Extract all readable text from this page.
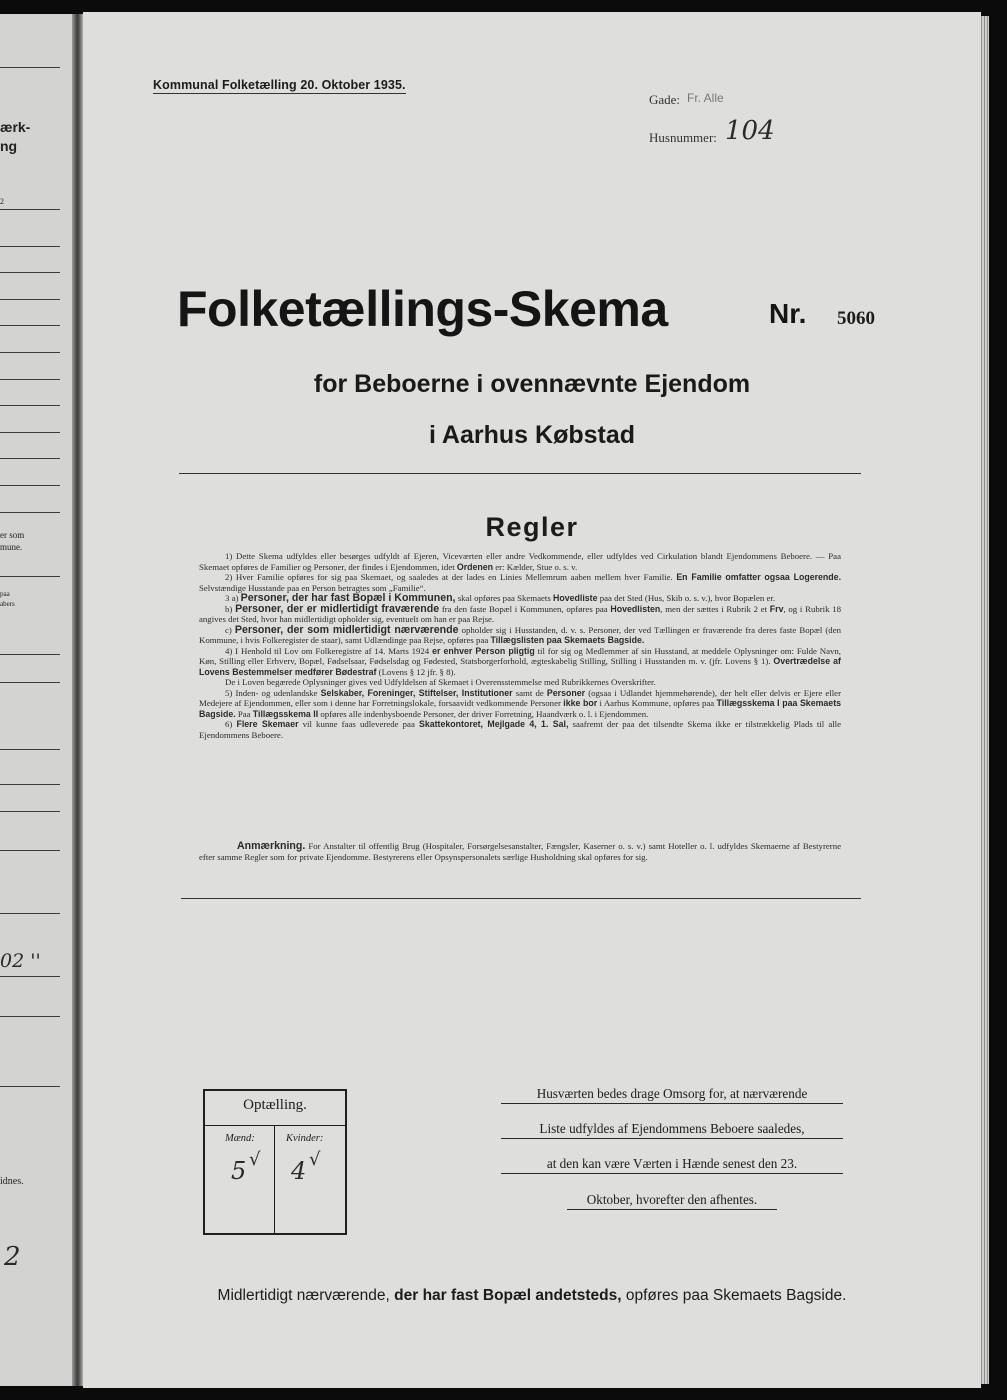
ærk-
ng
2
er som
mune.
paa
abers
02 ''
idnes.
2
Kommunal Folketælling 20. Oktober 1935.
Gade: Fr. Alle
Husnummer: 104
Folketællings-Skema	Nr. 5060
for Beboerne i ovennævnte Ejendom
i Aarhus Købstad
Regler

1) Dette Skema udfyldes eller besørges udfyldt af Ejeren, Viceværten eller andre Vedkommende, eller udfyldes ved Cirkulation blandt Ejendommens Beboere. — Paa Skemaet opføres de Familier og Personer, der findes i Ejendommen, idet Ordenen er: Kælder, Stue o. s. v.

2) Hver Familie opføres for sig paa Skemaet, og saaledes at der lades en Linies Mellemrum aaben mellem hver Familie. En Familie omfatter ogsaa Logerende. Selvstændige Husstande paa en Person betragtes som „Familie“.

3 a) Personer, der har fast Bopæl i Kommunen, skal opføres paa Skemaets Hovedliste paa det Sted (Hus, Skib o. s. v.), hvor Bopælen er.

b) Personer, der er midlertidigt fraværende fra den faste Bopæl i Kommunen, opføres paa Hovedlisten, men der sættes i Rubrik 2 et Frv, og i Rubrik 18 angives det Sted, hvor han midlertidigt opholder sig, eventuelt om han er paa Rejse.

c) Personer, der som midlertidigt nærværende opholder sig i Husstanden, d. v. s. Personer, der ved Tællingen er fraværende fra deres faste Bopæl (den Kommune, i hvis Folkeregister de staar), samt Udlændinge paa Rejse, opføres paa Tillægslisten paa Skemaets Bagside.

4) I Henhold til Lov om Folkeregistre af 14. Marts 1924 er enhver Person pligtig til for sig og Medlemmer af sin Husstand, at meddele Oplysninger om: Fulde Navn, Køn, Stilling eller Erhverv, Bopæl, Fødselsaar, Fødselsdag og Fødested, Statsborgerforhold, ægteskabelig Stilling, Stilling i Husstanden m. v. (jfr. Lovens § 1). Overtrædelse af Lovens Bestemmelser medfører Bødestraf (Lovens § 12 jfr. § 8).

De i Loven begærede Oplysninger gives ved Udfyldelsen af Skemaet i Overensstemmelse med Rubrikkernes Overskrifter.

5) Inden- og udenlandske Selskaber, Foreninger, Stiftelser, Institutioner samt de Personer (ogsaa i Udlandet hjemmehørende), der helt eller delvis er Ejere eller Medejere af Ejendommen, eller som i denne har Forretningslokale, forsaavidt vedkommende Personer ikke bor i Aarhus Kommune, opføres paa Tillægsskema I paa Skemaets Bagside. Paa Tillægsskema II opføres alle indenbysboende Personer, der driver Forretning, Haandværk o. l. i Ejendommen.

6) Flere Skemaer vil kunne faas udleverede paa Skattekontoret, Mejlgade 4, 1. Sal, saafremt der paa det tilsendte Skema ikke er tilstrækkelig Plads til alle Ejendommens Beboere.

Anmærkning. For Anstalter til offentlig Brug (Hospitaler, Forsørgelsesanstalter, Fængsler, Kaserner o. s. v.) samt Hoteller o. l. udfyldes Skemaerne af Bestyrerne efter samme Regler som for private Ejendomme. Bestyrerens eller Opsynspersonalets særlige Husholdning skal opføres for sig.
Optælling.
Mænd:	Kvinder:
5 √ 4 √
Husværten bedes drage Omsorg for, at nærværende
Liste udfyldes af Ejendommens Beboere saaledes,
at den kan være Værten i Hænde senest den 23.
Oktober, hvorefter den afhentes.
Midlertidigt nærværende, der har fast Bopæl andetsteds, opføres paa Skemaets Bagside.
